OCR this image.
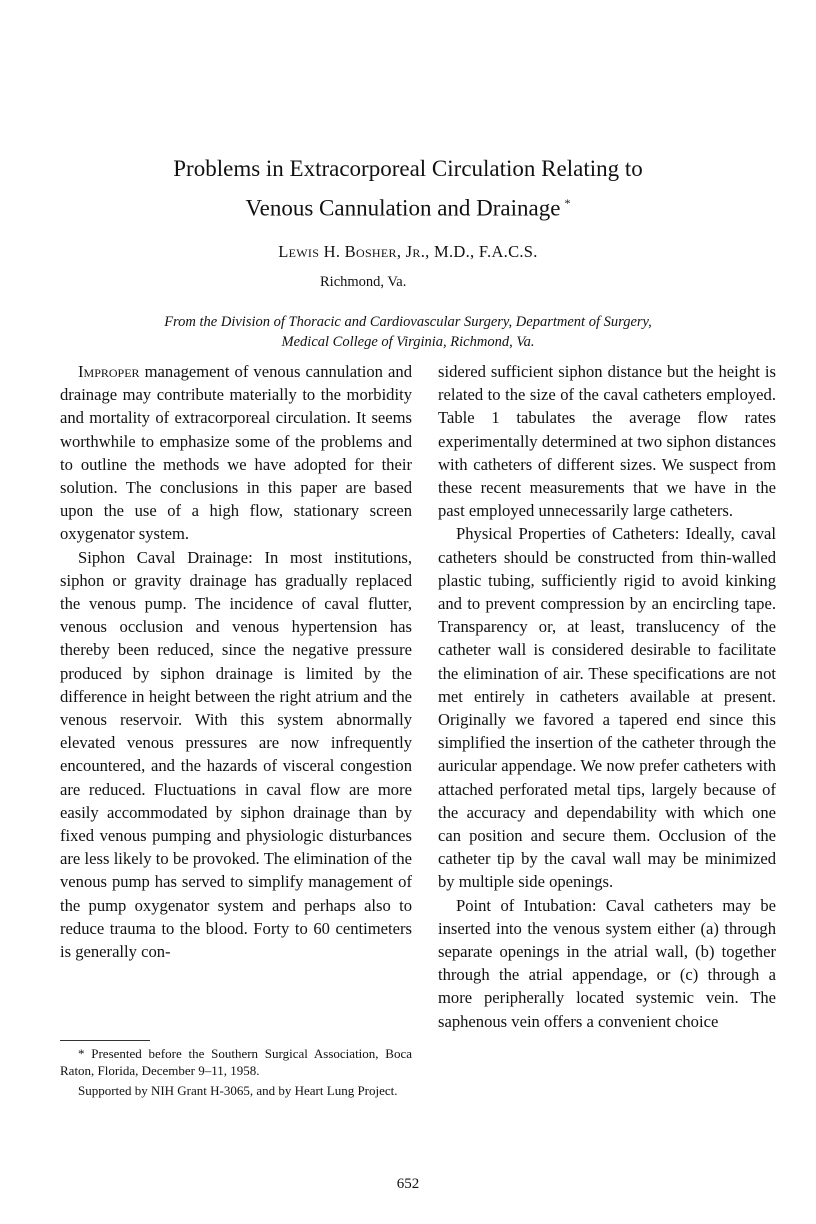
Problems in Extracorporeal Circulation Relating to
Venous Cannulation and Drainage *
Lewis H. Bosher, Jr., M.D., F.A.C.S.
Richmond, Va.
From the Division of Thoracic and Cardiovascular Surgery, Department of Surgery,
Medical College of Virginia, Richmond, Va.

Improper management of venous cannulation and drainage may contribute materially to the morbidity and mortality of extracorporeal circulation. It seems worthwhile to emphasize some of the problems and to outline the methods we have adopted for their solution. The conclusions in this paper are based upon the use of a high flow, stationary screen oxygenator system.

Siphon Caval Drainage: In most institutions, siphon or gravity drainage has gradually replaced the venous pump. The incidence of caval flutter, venous occlusion and venous hypertension has thereby been reduced, since the negative pressure produced by siphon drainage is limited by the difference in height between the right atrium and the venous reservoir. With this system abnormally elevated venous pressures are now infrequently encountered, and the hazards of visceral congestion are reduced. Fluctuations in caval flow are more easily accommodated by siphon drainage than by fixed venous pumping and physiologic disturbances are less likely to be provoked. The elimination of the venous pump has served to simplify management of the pump oxygenator system and perhaps also to reduce trauma to the blood. Forty to 60 centimeters is generally con-

* Presented before the Southern Surgical Association, Boca Raton, Florida, December 9–11, 1958.

Supported by NIH Grant H-3065, and by Heart Lung Project.

sidered sufficient siphon distance but the height is related to the size of the caval catheters employed. Table 1 tabulates the average flow rates experimentally determined at two siphon distances with catheters of different sizes. We suspect from these recent measurements that we have in the past employed unnecessarily large catheters.

Physical Properties of Catheters: Ideally, caval catheters should be constructed from thin-walled plastic tubing, sufficiently rigid to avoid kinking and to prevent compression by an encircling tape. Transparency or, at least, translucency of the catheter wall is considered desirable to facilitate the elimination of air. These specifications are not met entirely in catheters available at present. Originally we favored a tapered end since this simplified the insertion of the catheter through the auricular appendage. We now prefer catheters with attached perforated metal tips, largely because of the accuracy and dependability with which one can position and secure them. Occlusion of the catheter tip by the caval wall may be minimized by multiple side openings.

Point of Intubation: Caval catheters may be inserted into the venous system either (a) through separate openings in the atrial wall, (b) together through the atrial appendage, or (c) through a more peripherally located systemic vein. The saphenous vein offers a convenient choice

652
